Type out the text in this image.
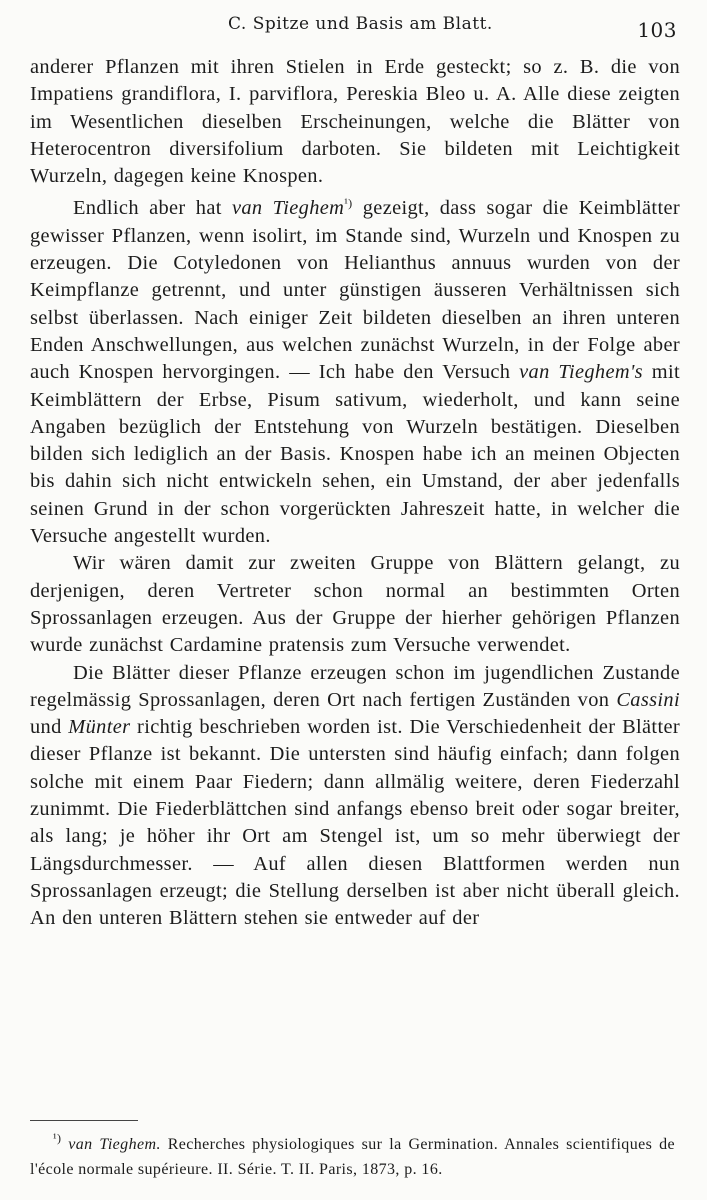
C. Spitze und Basis am Blatt.	103

anderer Pflanzen mit ihren Stielen in Erde gesteckt; so z. B. die von Impatiens grandiflora, I. parviflora, Pereskia Bleo u. A. Alle diese zeigten im Wesentlichen dieselben Erscheinungen, welche die Blätter von Heterocentron diversifolium darboten. Sie bildeten mit Leichtigkeit Wurzeln, dagegen keine Knospen.

Endlich aber hat van Tieghem$^{^1)}$ gezeigt, dass sogar die Keimblätter gewisser Pflanzen, wenn isolirt, im Stande sind, Wurzeln und Knospen zu erzeugen. Die Cotyledonen von Helianthus annuus wurden von der Keimpflanze getrennt, und unter günstigen äusseren Verhältnissen sich selbst überlassen. Nach einiger Zeit bildeten dieselben an ihren unteren Enden Anschwellungen, aus welchen zunächst Wurzeln, in der Folge aber auch Knospen hervorgingen. — Ich habe den Versuch van Tieghem's mit Keimblättern der Erbse, Pisum sativum, wiederholt, und kann seine Angaben bezüglich der Entstehung von Wurzeln bestätigen. Dieselben bilden sich lediglich an der Basis. Knospen habe ich an meinen Objecten bis dahin sich nicht entwickeln sehen, ein Umstand, der aber jedenfalls seinen Grund in der schon vorgerückten Jahreszeit hatte, in welcher die Versuche angestellt wurden.

Wir wären damit zur zweiten Gruppe von Blättern gelangt, zu derjenigen, deren Vertreter schon normal an bestimmten Orten Sprossanlagen erzeugen. Aus der Gruppe der hierher gehörigen Pflanzen wurde zunächst Cardamine pratensis zum Versuche verwendet.

Die Blätter dieser Pflanze erzeugen schon im jugendlichen Zustande regelmässig Sprossanlagen, deren Ort nach fertigen Zuständen von Cassini und Münter richtig beschrieben worden ist. Die Verschiedenheit der Blätter dieser Pflanze ist bekannt. Die untersten sind häufig einfach; dann folgen solche mit einem Paar Fiedern; dann allmälig weitere, deren Fiederzahl zunimmt. Die Fiederblättchen sind anfangs ebenso breit oder sogar breiter, als lang; je höher ihr Ort am Stengel ist, um so mehr überwiegt der Längsdurchmesser. — Auf allen diesen Blattformen werden nun Sprossanlagen erzeugt; die Stellung derselben ist aber nicht überall gleich. An den unteren Blättern stehen sie entweder auf der

$^{^1)}$ van Tieghem. Recherches physiologiques sur la Germination. Annales scientifiques de l'école normale supérieure. II. Série. T. II. Paris, 1873, p. 16.
